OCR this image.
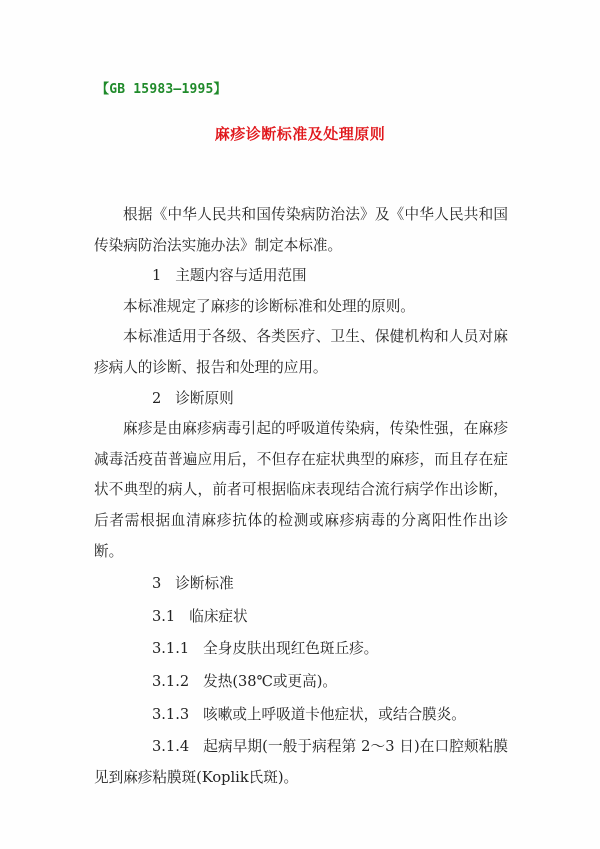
【GB 15983—1995】
麻疹诊断标准及处理原则

根据《中华人民共和国传染病防治法》及《中华人民共和国传染病防治法实施办法》制定本标准。

1 主题内容与适用范围

本标准规定了麻疹的诊断标准和处理的原则。

本标准适用于各级、各类医疗、卫生、保健机构和人员对麻疹病人的诊断、报告和处理的应用。

2 诊断原则

麻疹是由麻疹病毒引起的呼吸道传染病，传染性强，在麻疹减毒活疫苗普遍应用后，不但存在症状典型的麻疹，而且存在症状不典型的病人，前者可根据临床表现结合流行病学作出诊断，后者需根据血清麻疹抗体的检测或麻疹病毒的分离阳性作出诊断。

3 诊断标准

3.1 临床症状

3.1.1 全身皮肤出现红色斑丘疹。

3.1.2 发热(38℃或更高)。

3.1.3 咳嗽或上呼吸道卡他症状，或结合膜炎。

3.1.4 起病早期(一般于病程第 2～3 日)在口腔颊粘膜见到麻疹粘膜斑(Koplik氏斑)。
